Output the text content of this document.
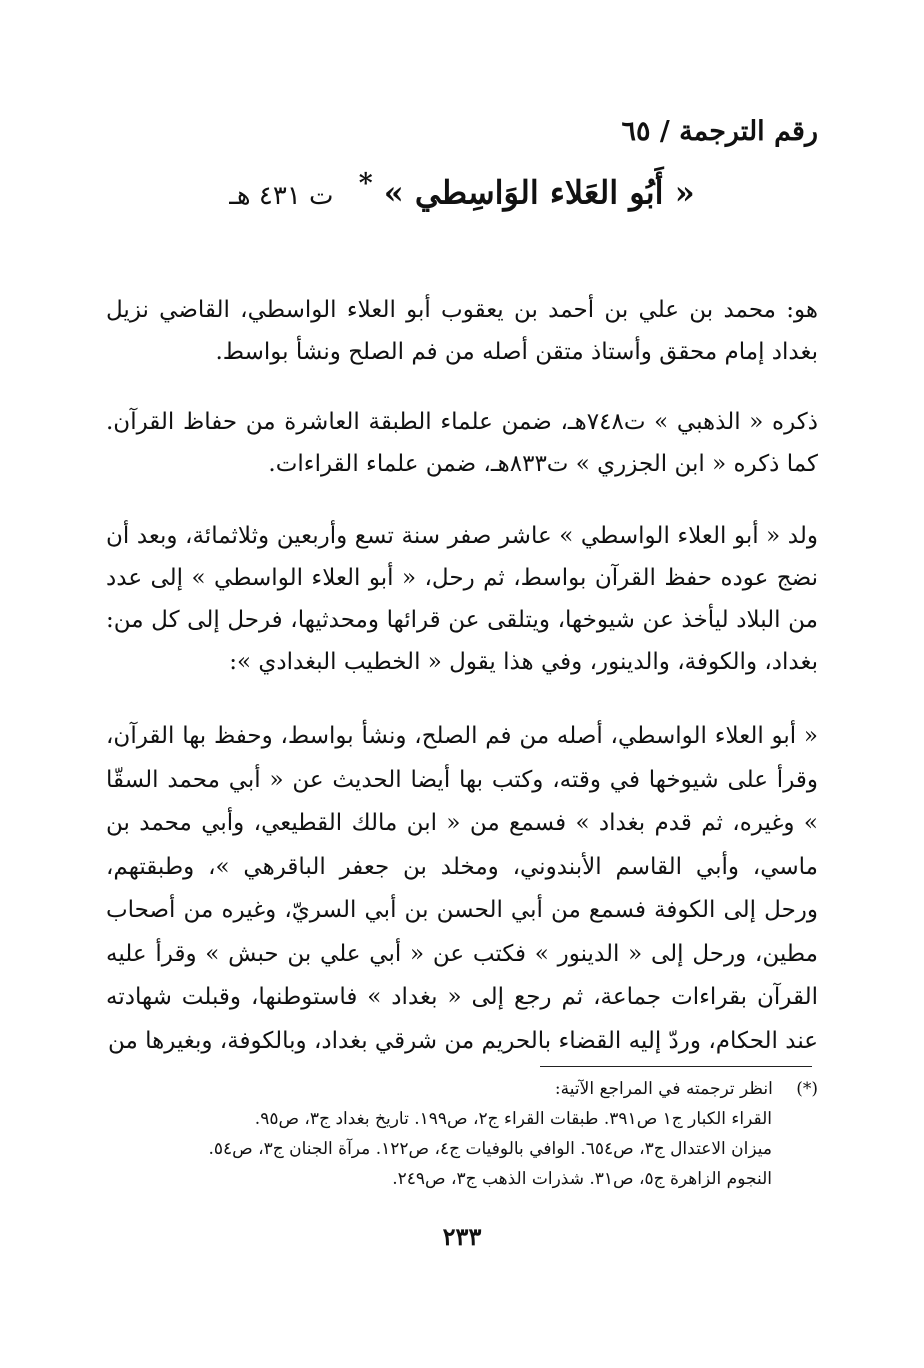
رقم الترجمة / ٦٥
« أَبُو العَلاء الوَاسِطي » * ت ٤٣١ هـ

هو: محمد بن علي بن أحمد بن يعقوب أبو العلاء الواسطي، القاضي نزيل بغداد إمام محقق وأستاذ متقن أصله من فم الصلح ونشأ بواسط.

ذكره « الذهبي » ت٧٤٨هـ، ضمن علماء الطبقة العاشرة من حفاظ القرآن. كما ذكره « ابن الجزري » ت٨٣٣هـ، ضمن علماء القراءات.

ولد « أبو العلاء الواسطي » عاشر صفر سنة تسع وأربعين وثلاثمائة، وبعد أن نضج عوده حفظ القرآن بواسط، ثم رحل، « أبو العلاء الواسطي » إلى عدد من البلاد ليأخذ عن شيوخها، ويتلقى عن قرائها ومحدثيها، فرحل إلى كل من: بغداد، والكوفة، والدينور، وفي هذا يقول « الخطيب البغدادي »:

« أبو العلاء الواسطي، أصله من فم الصلح، ونشأ بواسط، وحفظ بها القرآن، وقرأ على شيوخها في وقته، وكتب بها أيضا الحديث عن « أبي محمد السقّا » وغيره، ثم قدم بغداد » فسمع من « ابن مالك القطيعي، وأبي محمد بن ماسي، وأبي القاسم الأبندوني، ومخلد بن جعفر الباقرهي »، وطبقتهم، ورحل إلى الكوفة فسمع من أبي الحسن بن أبي السريّ، وغيره من أصحاب مطين، ورحل إلى « الدينور » فكتب عن « أبي علي بن حبش » وقرأ عليه القرآن بقراءات جماعة، ثم رجع إلى « بغداد » فاستوطنها، وقبلت شهادته عند الحكام، وردّ إليه القضاء بالحريم من شرقي بغداد، وبالكوفة، وبغيرها من

(*) انظر ترجمته في المراجع الآتية:
القراء الكبار ج١ ص٣٩١. طبقات القراء ج٢، ص١٩٩. تاريخ بغداد ج٣، ص٩٥.
ميزان الاعتدال ج٣، ص٦٥٤. الوافي بالوفيات ج٤، ص١٢٢. مرآة الجنان ج٣، ص٥٤.
النجوم الزاهرة ج٥، ص٣١. شذرات الذهب ج٣، ص٢٤٩.
٢٣٣
